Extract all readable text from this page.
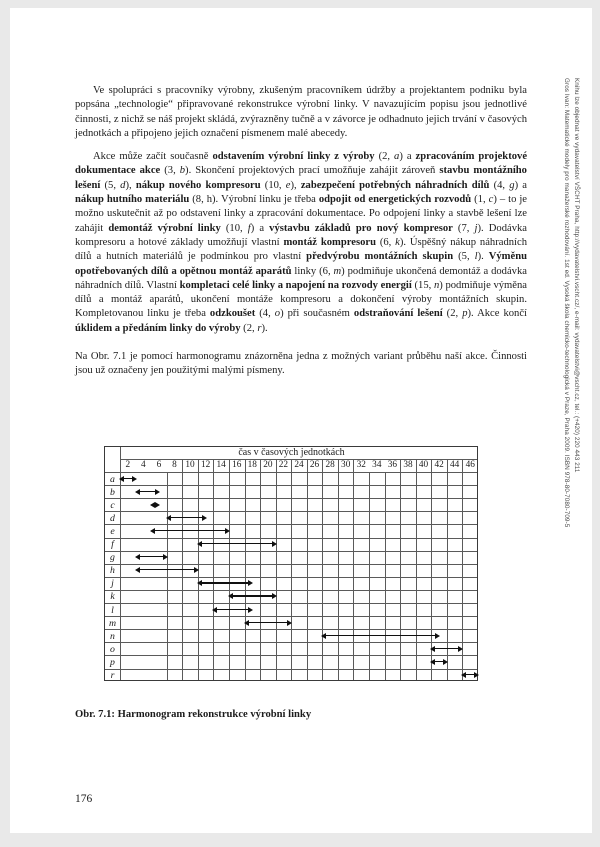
Gros Ivan: Matematické modely pro manažerské rozhodování. 1st ed. Vysoká škola chemicko-technologická v Praze, Praha 2009. ISBN 978-80-7080-709-5 Knihu lze objednat ve vydavatelství VŠCHT Praha, http://vydavatelstvi.vscht.cz/, e-mail: vydavatelstvi@vscht.cz, tel.: (+420) 220 443 211
Ve spolupráci s pracovníky výrobny, zkušeným pracovníkem údržby a projektantem podniku byla popsána „technologie“ připravované rekonstrukce výrobní linky. V navazujícím popisu jsou jednotlivé činnosti, z nichž se náš projekt skládá, zvýrazněny tučně a v závorce je odhadnuto jejich trvání v časových jednotkách a připojeno jejich označení písmenem malé abecedy.
Akce může začít současně odstavením výrobní linky z výroby (2, a) a zpracováním projektové dokumentace akce (3, b). Skončení projektových prací umožňuje zahájit zároveň stavbu montážního lešení (5, d), nákup nového kompresoru (10, e), zabezpečení potřebných náhradních dílů (4, g) a nákup hutního materiálu (8, h). Výrobní linku je třeba odpojit od energetických rozvodů (1, c) – to je možno uskutečnit až po odstavení linky a zpracování dokumentace. Po odpojení linky a stavbě lešení lze zahájit demontáž výrobní linky (10, f) a výstavbu základů pro nový kompresor (7, j). Dodávka kompresoru a hotové základy umožňují vlastní montáž kompresoru (6, k). Úspěšný nákup náhradních dílů a hutních materiálů je podmínkou pro vlastní předvýrobu montážních skupin (5, l). Výměnu opotřebovaných dílů a opětnou montáž aparátů linky (6, m) podmiňuje ukončená demontáž a dodávka náhradních dílů. Vlastní kompletaci celé linky a napojení na rozvody energií (15, n) podmiňuje výměna dílů a montáž aparátů, ukončení montáže kompresoru a dokončení výroby montážních skupin. Kompletovanou linku je třeba odzkoušet (4, o) při současném odstraňování lešení (2, p). Akce končí úklidem a předáním linky do výroby (2, r).
Na Obr. 7.1 je pomocí harmonogramu znázorněna jedna z možných variant průběhu naší akce. Činnosti jsou už označeny jen použitými malými písmeny.
čas v časových jednotkách
2	4	6	8 10 12 14 16 18 20 22 24 26 28 30 32 34 36 38 40 42 44 46
a
b
c
d
e
f
g
h
j
k
l
m
n
o
p
r
Obr. 7.1: Harmonogram rekonstrukce výrobní linky
176
